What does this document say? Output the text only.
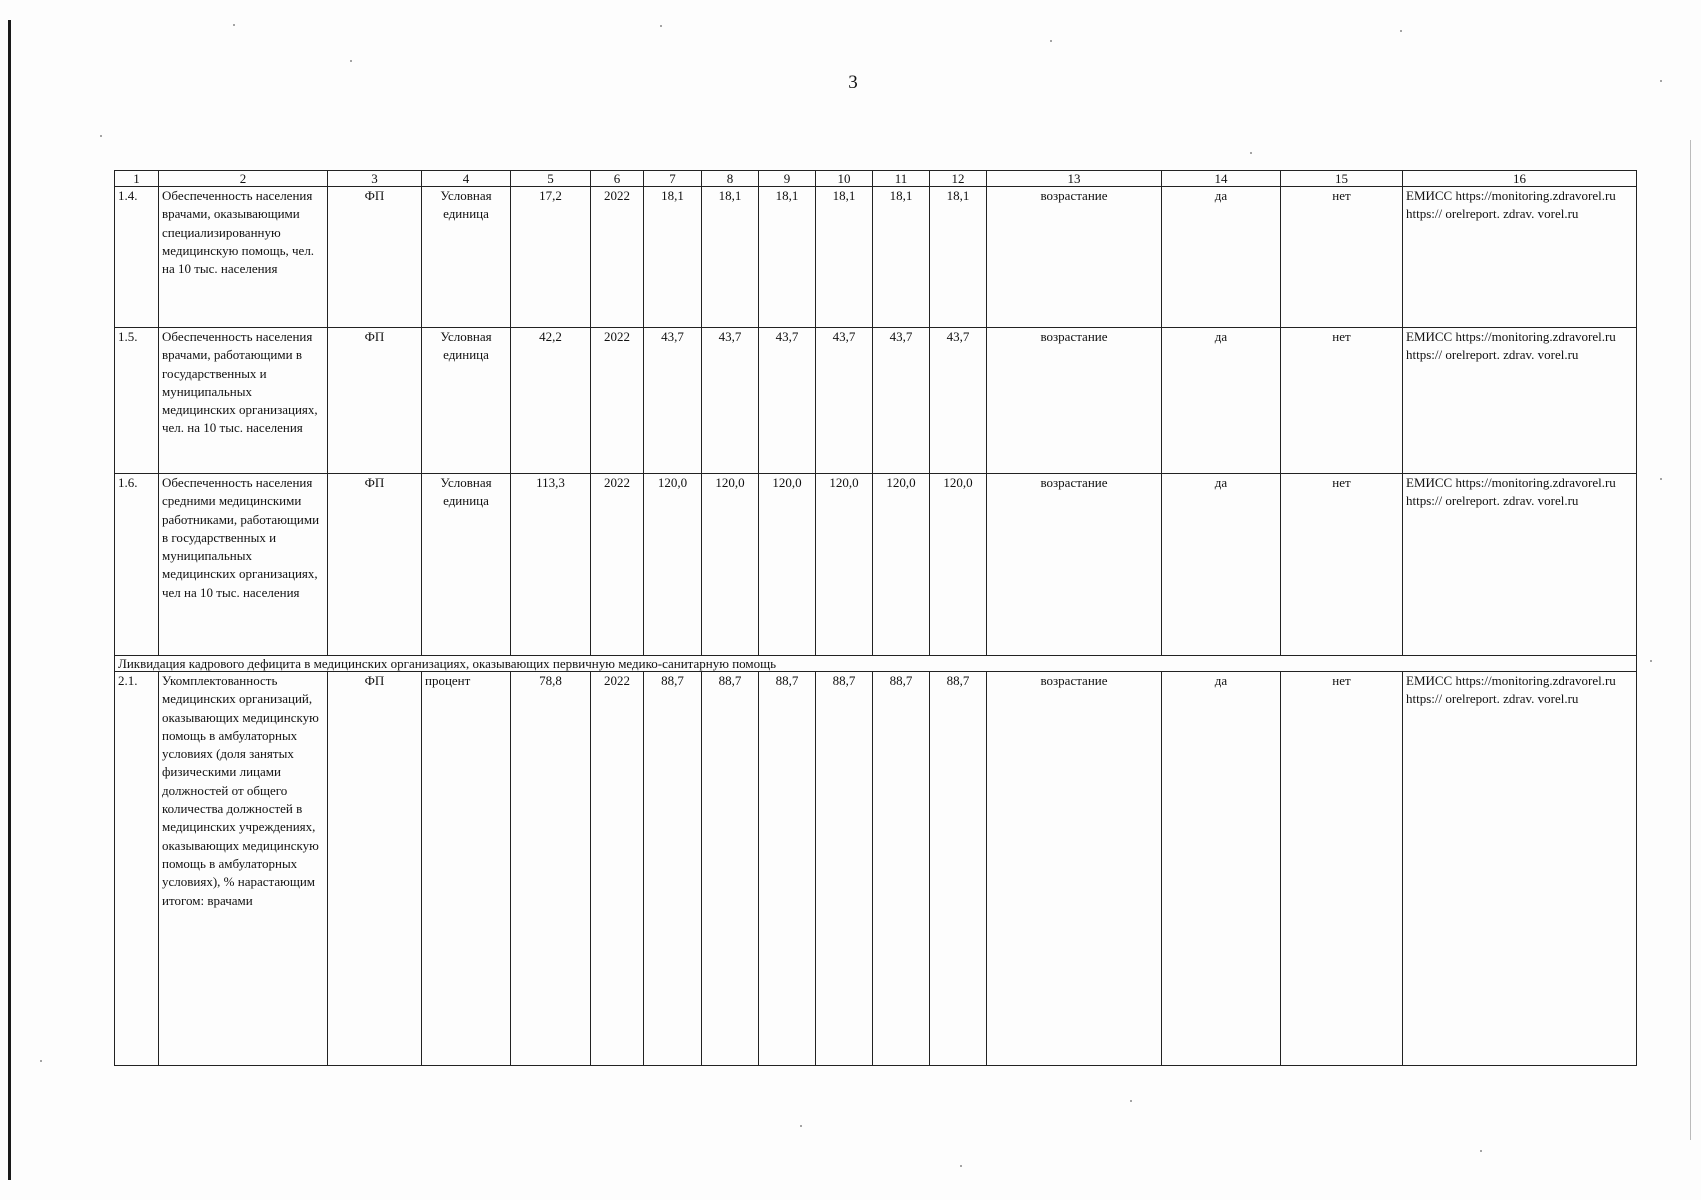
3
1	2	3	4	5	6	7	8	9	10	11	12	13	14	15	16
1.4.	Обеспеченность населения врачами, оказывающими специализированную медицинскую помощь, чел. на 10 тыс. населения	ФП	Условная единица	17,2	2022	18,1	18,1	18,1	18,1	18,1	18,1	возрастание	да	нет	ЕМИСС https://monitoring.zdravorel.ru https:// orelreport. zdrav. vorel.ru
1.5.	Обеспеченность населения врачами, работающими в государственных и муниципальных медицинских организациях, чел. на 10 тыс. населения	ФП	Условная единица	42,2	2022	43,7	43,7	43,7	43,7	43,7	43,7	возрастание	да	нет	ЕМИСС https://monitoring.zdravorel.ru https:// orelreport. zdrav. vorel.ru
1.6.	Обеспеченность населения средними медицинскими работниками, работающими в государственных и муниципальных медицинских организациях, чел на 10 тыс. населения	ФП	Условная единица	113,3	2022	120,0	120,0	120,0	120,0	120,0	120,0	возрастание	да	нет	ЕМИСС https://monitoring.zdravorel.ru https:// orelreport. zdrav. vorel.ru
Ликвидация кадрового дефицита в медицинских организациях, оказывающих первичную медико-санитарную помощь															
2.1.	Укомплектованность медицинских организаций, оказывающих медицинскую помощь в амбулаторных условиях (доля занятых физическими лицами должностей от общего количества должностей в медицинских учреждениях, оказывающих медицинскую помощь в амбулаторных условиях), % нарастающим итогом: врачами	ФП	процент	78,8	2022	88,7	88,7	88,7	88,7	88,7	88,7	возрастание	да	нет	ЕМИСС https://monitoring.zdravorel.ru https:// orelreport. zdrav. vorel.ru
